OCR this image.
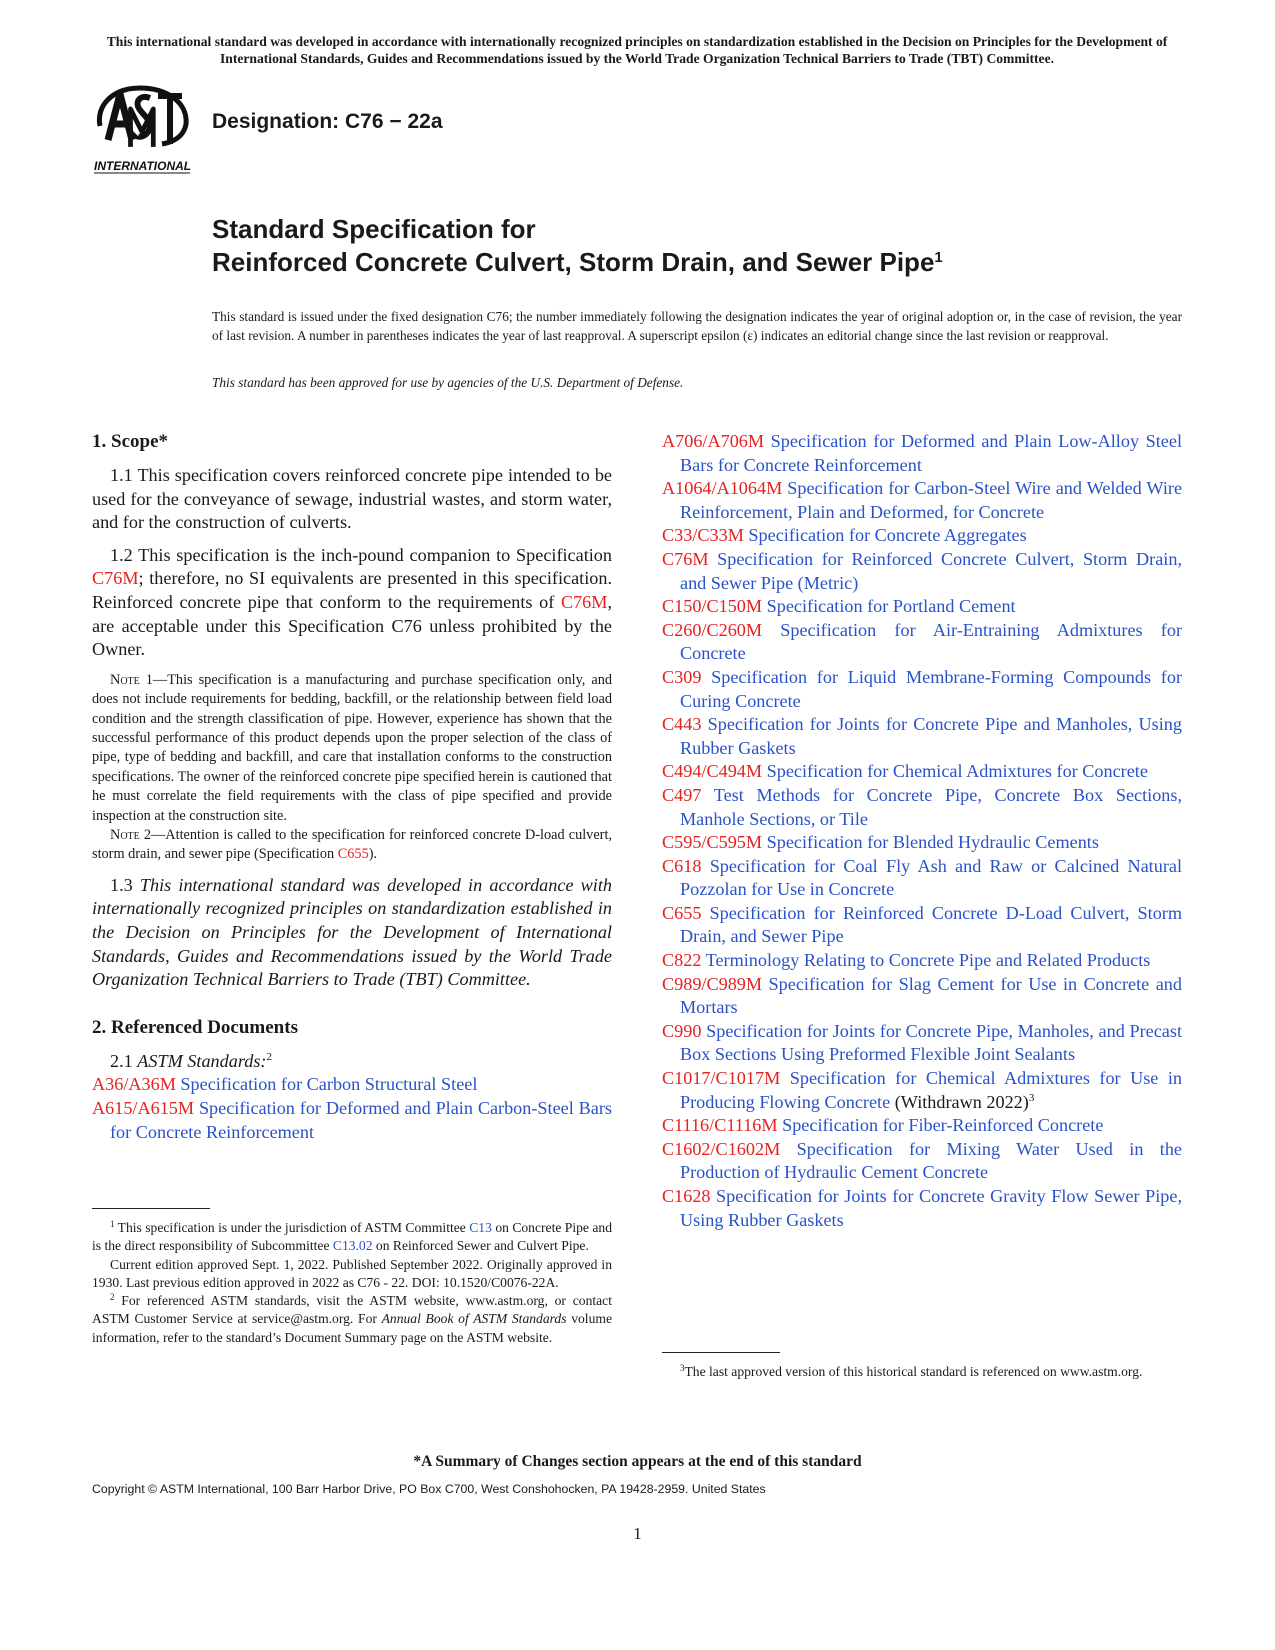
This international standard was developed in accordance with internationally recognized principles on standardization established in the Decision on Principles for the Development of International Standards, Guides and Recommendations issued by the World Trade Organization Technical Barriers to Trade (TBT) Committee.

INTERNATIONAL

Designation: C76 − 22a

Standard Specification for
Reinforced Concrete Culvert, Storm Drain, and Sewer Pipe$^1$

This standard is issued under the fixed designation C76; the number immediately following the designation indicates the year of original adoption or, in the case of revision, the year of last revision. A number in parentheses indicates the year of last reapproval. A superscript epsilon (ε) indicates an editorial change since the last revision or reapproval.

This standard has been approved for use by agencies of the U.S. Department of Defense.

1. Scope*

1.1 This specification covers reinforced concrete pipe intended to be used for the conveyance of sewage, industrial wastes, and storm water, and for the construction of culverts.

1.2 This specification is the inch-pound companion to Specification C76M; therefore, no SI equivalents are presented in this specification. Reinforced concrete pipe that conform to the requirements of C76M, are acceptable under this Specification C76 unless prohibited by the Owner.

Note 1—This specification is a manufacturing and purchase specification only, and does not include requirements for bedding, backfill, or the relationship between field load condition and the strength classification of pipe. However, experience has shown that the successful performance of this product depends upon the proper selection of the class of pipe, type of bedding and backfill, and care that installation conforms to the construction specifications. The owner of the reinforced concrete pipe specified herein is cautioned that he must correlate the field requirements with the class of pipe specified and provide inspection at the construction site.

Note 2—Attention is called to the specification for reinforced concrete D-load culvert, storm drain, and sewer pipe (Specification C655).

1.3 This international standard was developed in accordance with internationally recognized principles on standardization established in the Decision on Principles for the Development of International Standards, Guides and Recommendations issued by the World Trade Organization Technical Barriers to Trade (TBT) Committee.

2. Referenced Documents

2.1 ASTM Standards:$^2$

A36/A36M Specification for Carbon Structural Steel

A615/A615M Specification for Deformed and Plain Carbon-Steel Bars for Concrete Reinforcement

A706/A706M Specification for Deformed and Plain Low-Alloy Steel Bars for Concrete Reinforcement

A1064/A1064M Specification for Carbon-Steel Wire and Welded Wire Reinforcement, Plain and Deformed, for Concrete

C33/C33M Specification for Concrete Aggregates

C76M Specification for Reinforced Concrete Culvert, Storm Drain, and Sewer Pipe (Metric)

C150/C150M Specification for Portland Cement

C260/C260M Specification for Air-Entraining Admixtures for Concrete

C309 Specification for Liquid Membrane-Forming Compounds for Curing Concrete

C443 Specification for Joints for Concrete Pipe and Manholes, Using Rubber Gaskets

C494/C494M Specification for Chemical Admixtures for Concrete

C497 Test Methods for Concrete Pipe, Concrete Box Sections, Manhole Sections, or Tile

C595/C595M Specification for Blended Hydraulic Cements

C618 Specification for Coal Fly Ash and Raw or Calcined Natural Pozzolan for Use in Concrete

C655 Specification for Reinforced Concrete D-Load Culvert, Storm Drain, and Sewer Pipe

C822 Terminology Relating to Concrete Pipe and Related Products

C989/C989M Specification for Slag Cement for Use in Concrete and Mortars

C990 Specification for Joints for Concrete Pipe, Manholes, and Precast Box Sections Using Preformed Flexible Joint Sealants

C1017/C1017M Specification for Chemical Admixtures for Use in Producing Flowing Concrete (Withdrawn 2022)$^3$

C1116/C1116M Specification for Fiber-Reinforced Concrete

C1602/C1602M Specification for Mixing Water Used in the Production of Hydraulic Cement Concrete

C1628 Specification for Joints for Concrete Gravity Flow Sewer Pipe, Using Rubber Gaskets

$^1$ This specification is under the jurisdiction of ASTM Committee C13 on Concrete Pipe and is the direct responsibility of Subcommittee C13.02 on Reinforced Sewer and Culvert Pipe.

Current edition approved Sept. 1, 2022. Published September 2022. Originally approved in 1930. Last previous edition approved in 2022 as C76 - 22. DOI: 10.1520/C0076-22A.

$^2$ For referenced ASTM standards, visit the ASTM website, www.astm.org, or contact ASTM Customer Service at service@astm.org. For Annual Book of ASTM Standards volume information, refer to the standard’s Document Summary page on the ASTM website.

$^3$The last approved version of this historical standard is referenced on www.astm.org.

*A Summary of Changes section appears at the end of this standard

Copyright © ASTM International, 100 Barr Harbor Drive, PO Box C700, West Conshohocken, PA 19428-2959. United States

1
